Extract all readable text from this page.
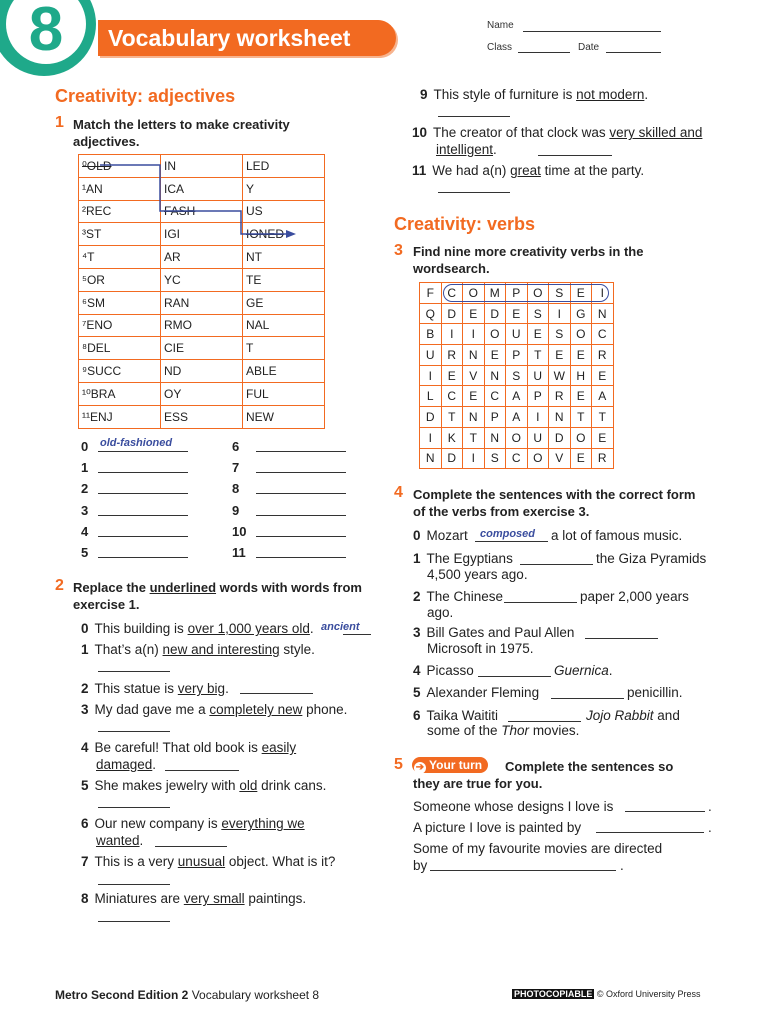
8	Vocabulary worksheet	Name
Class	Date
Creativity: adjectives
1 Match the letters to make creativity adjectives.
⁰OLD	IN	LED
¹AN	ICA	Y
²REC	FASH	US
³ST	IGI	IONED
⁴T	AR	NT
⁵OR	YC	TE
⁶SM	RAN	GE
⁷ENO	RMO	NAL
⁸DEL	CIE	T
⁹SUCC	ND	ABLE
¹⁰BRA	OY	FUL
¹¹ENJ	ESS	NEW
0
1
2
3
4
5
6
7
8
9
10
11
old-fashioned
2 Replace the underlined words with words from exercise 1.
0 This building is over 1,000 years old.
1 That’s a(n) new and interesting style.
2 This statue is very big.
3 My dad gave me a completely new phone.
4 Be careful! That old book is easily damaged.
5 She makes jewelry with old drink cans.
6 Our new company is everything we wanted.
7 This is a very unusual object. What is it?
8 Miniatures are very small paintings.
9 This style of furniture is not modern.
10 The creator of that clock was very skilled and intelligent.
11 We had a(n) great time at the party.
ancient
Creativity: verbs
3 Find nine more creativity verbs in the wordsearch.
F	C	O	M	P	O	S	E	I
Q	D	E	D	E	S	I	G	N
B	I	I	O	U	E	S	O	C
U	R	N	E	P	T	E	E	R
I	E	V	N	S	U	W	H	E
L	C	E	C	A	P	R	E	A
D	T	N	P	A	I	N	T	T
I	K	T	N	O	U	D	O	E
N	D	I	S	C	O	V	E	R
4 Complete the sentences with the correct form of the verbs from exercise 3.
0 Mozart	a lot of famous music.
1 The Egyptians	the Giza Pyramids
4,500 years ago.
2 The Chinese	paper 2,000 years
ago.
3 Bill Gates and Paul Allen
Microsoft in 1975.
4 Picasso	Guernica.
5 Alexander Fleming	penicillin.
6 Taika Waititi	Jojo Rabbit and
some of the Thor movies.
composed
5	➔ Your turn	Complete the sentences so they are true for you.
Someone whose designs I love is	.
A picture I love is painted by	.
Some of my favourite movies are directed
by	.
Metro Second Edition 2 Vocabulary worksheet 8	PHOTOCOPIABLE © Oxford University Press
